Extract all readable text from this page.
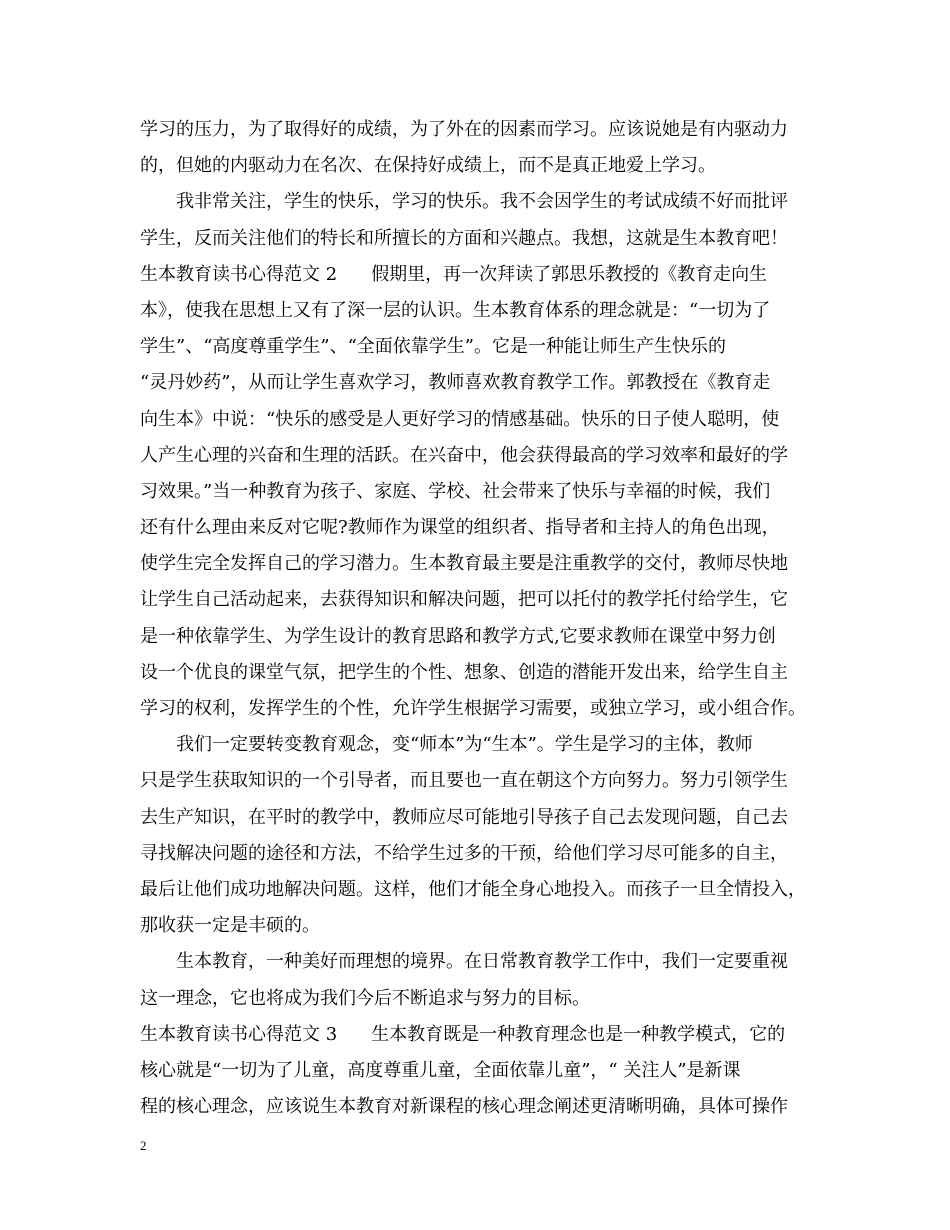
学习的压力，为了取得好的成绩，为了外在的因素而学习。应该说她是有内驱动力
的，但她的内驱动力在名次、在保持好成绩上，而不是真正地爱上学习。
我非常关注，学生的快乐，学习的快乐。我不会因学生的考试成绩不好而批评
学生，反而关注他们的特长和所擅长的方面和兴趣点。我想，这就是生本教育吧！
生本教育读书心得范文 2 假期里，再一次拜读了郭思乐教授的《教育走向生
本》，使我在思想上又有了深一层的认识。生本教育体系的理念就是：“一切为了
学生”、“高度尊重学生”、“全面依靠学生”。它是一种能让师生产生快乐的
“灵丹妙药”，从而让学生喜欢学习，教师喜欢教育教学工作。郭教授在《教育走
向生本》中说：“快乐的感受是人更好学习的情感基础。快乐的日子使人聪明，使
人产生心理的兴奋和生理的活跃。在兴奋中，他会获得最高的学习效率和最好的学
习效果。”当一种教育为孩子、家庭、学校、社会带来了快乐与幸福的时候，我们
还有什么理由来反对它呢?教师作为课堂的组织者、指导者和主持人的角色出现，
使学生完全发挥自己的学习潜力。生本教育最主要是注重教学的交付，教师尽快地
让学生自己活动起来，去获得知识和解决问题，把可以托付的教学托付给学生，它
是一种依靠学生、为学生设计的教育思路和教学方式,它要求教师在课堂中努力创
设一个优良的课堂气氛，把学生的个性、想象、创造的潜能开发出来，给学生自主
学习的权利，发挥学生的个性，允许学生根据学习需要，或独立学习，或小组合作。
我们一定要转变教育观念，变“师本”为“生本”。学生是学习的主体，教师
只是学生获取知识的一个引导者，而且要也一直在朝这个方向努力。努力引领学生
去生产知识，在平时的教学中，教师应尽可能地引导孩子自己去发现问题，自己去
寻找解决问题的途径和方法，不给学生过多的干预，给他们学习尽可能多的自主，
最后让他们成功地解决问题。这样，他们才能全身心地投入。而孩子一旦全情投入，
那收获一定是丰硕的。
生本教育，一种美好而理想的境界。在日常教育教学工作中，我们一定要重视
这一理念，它也将成为我们今后不断追求与努力的目标。
生本教育读书心得范文 3 生本教育既是一种教育理念也是一种教学模式，它的
核心就是“一切为了儿童，高度尊重儿童，全面依靠儿童”，“ 关注人”是新课
程的核心理念，应该说生本教育对新课程的核心理念阐述更清晰明确，具体可操作
2
